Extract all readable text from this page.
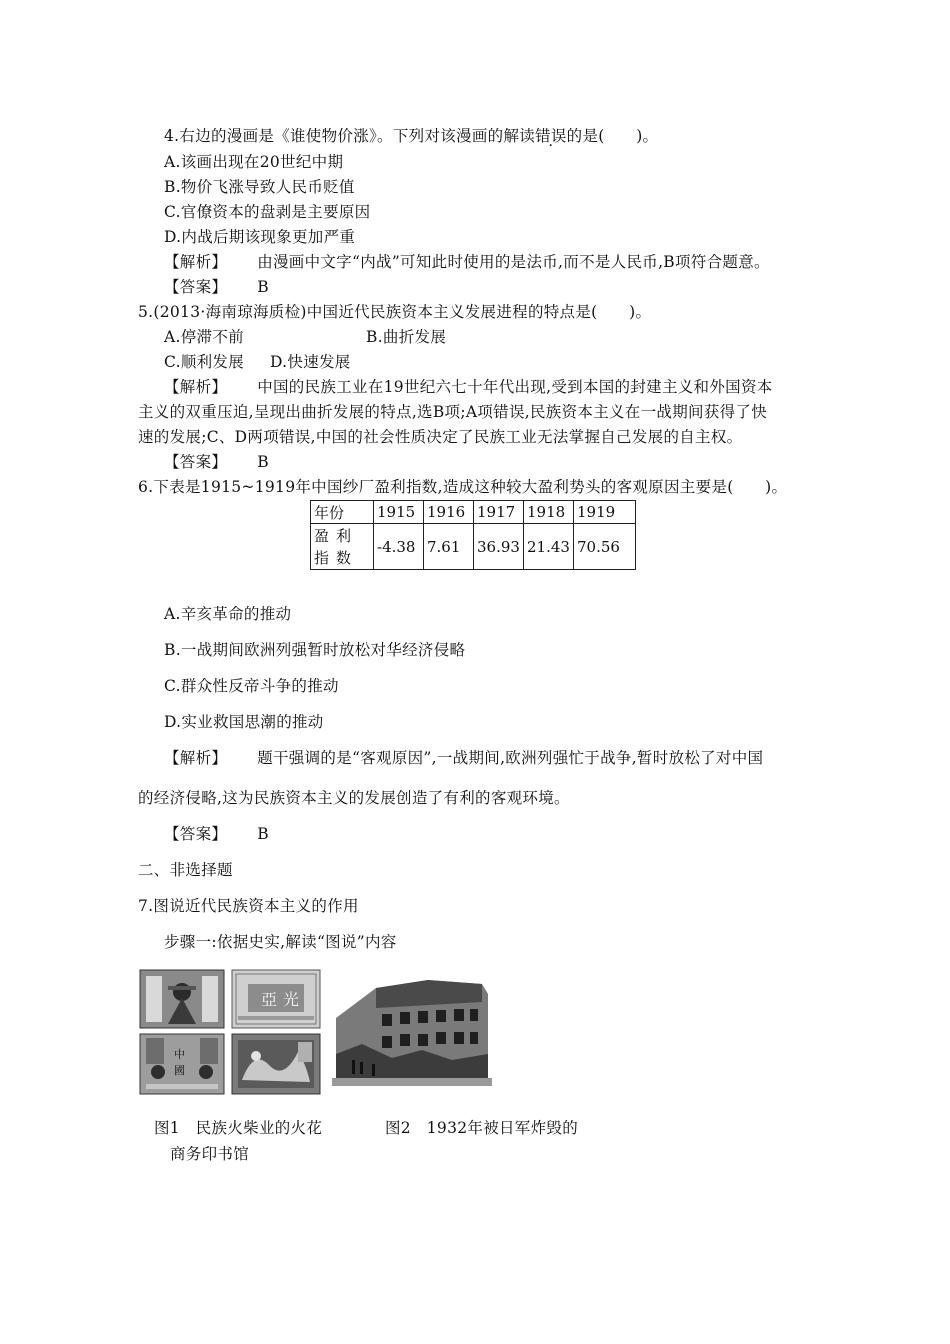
4.右边的漫画是《谁使物价涨》。下列对该漫画的解读错误的是(　　)。
A.该画出现在20世纪中期
B.物价飞涨导致人民币贬值
C.官僚资本的盘剥是主要原因
D.内战后期该现象更加严重
【解析】 由漫画中文字“内战”可知此时使用的是法币,而不是人民币,B项符合题意。
【答案】 B
5.(2013·海南琼海质检)中国近代民族资本主义发展进程的特点是(　　)。
A.停滞不前	B.曲折发展
C.顺利发展 D.快速发展
【解析】 中国的民族工业在19世纪六七十年代出现,受到本国的封建主义和外国资本
主义的双重压迫,呈现出曲折发展的特点,选B项;A项错误,民族资本主义在一战期间获得了快
速的发展;C、D两项错误,中国的社会性质决定了民族工业无法掌握自己发展的自主权。
【答案】 B
6.下表是1915~1919年中国纱厂盈利指数,造成这种较大盈利势头的客观原因主要是(　　)。
年份	1915	1916	1917	1918	1919
盈利指数	-4.38	7.61	36.93	21.43	70.56
A.辛亥革命的推动
B.一战期间欧洲列强暂时放松对华经济侵略
C.群众性反帝斗争的推动
D.实业救国思潮的推动
【解析】 题干强调的是“客观原因”,一战期间,欧洲列强忙于战争,暂时放松了对中国
的经济侵略,这为民族资本主义的发展创造了有利的客观环境。
【答案】 B
二、非选择题
7.图说近代民族资本主义的作用
步骤一:依据史实,解读“图说”内容
亞 光
中
國
图1　民族火柴业的火花	图2　1932年被日军炸毁的
商务印书馆
